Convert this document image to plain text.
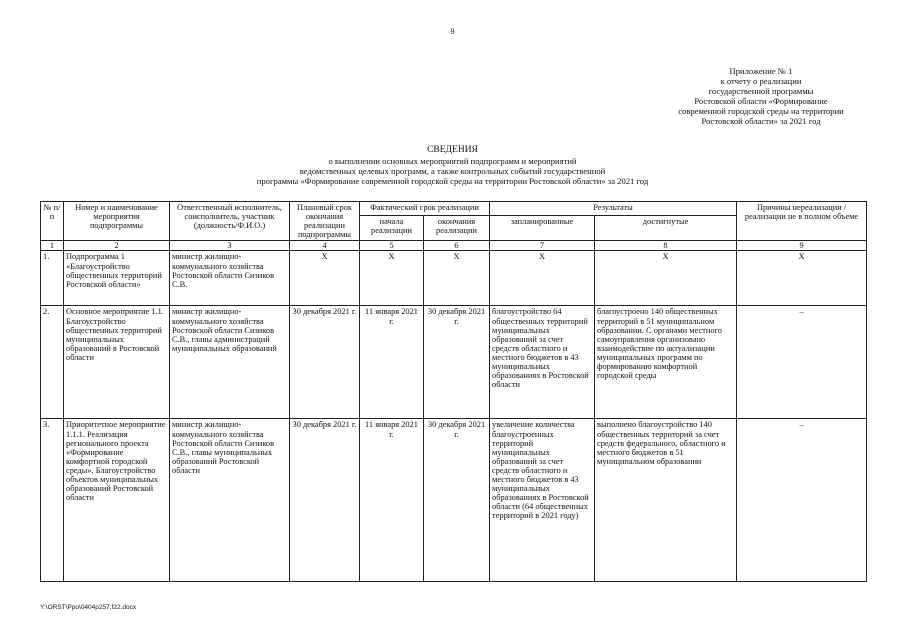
9
Приложение № 1
к отчету о реализации
государственной программы
Ростовской области «Формирование
современной городской среды на территории
Ростовской области» за 2021 год
СВЕДЕНИЯ
о выполнении основных мероприятий подпрограмм и мероприятий
ведомственных целевых программ, а также контрольных событий государственной
программы «Формирование современной городской среды на территории Ростовской области» за 2021 год
№ п/п	Номер и наименование мероприятия подпрограммы	Ответственный исполнитель, соисполнитель, участник (должность/Ф.И.О.)	Плановый срок окончания реализации подпрограммы	Фактический срок реализации		Результаты		Причины нереализации / реализации не в полном объеме
				начала реализации	окончания реализации	запланированные	достигнутые	
1	2	3	4	5	6	7	8	9
1.	Подпрограмма 1 «Благоустройство общественных территорий Ростовской области»	министр жилищно-коммунального хозяйства Ростовской области Сизиков С.В.	X	X	X	X	X	X
2.	Основное мероприятие 1.1. Благоустройство общественных территорий муниципальных образований в Ростовской области	министр жилищно-коммунального хозяйства Ростовской области Сизиков С.В., главы администраций муниципальных образований	30 декабря 2021 г.	11 января 2021 г.	30 декабря 2021 г.	благоустройство 64 общественных территорий муниципальных образований за счет средств областного и местного бюджетов в 43 муниципальных образованиях в Ростовской области	благоустроено 140 общественных территорий в 51 муниципальном образовании. С органами местного самоуправления организовано взаимодействие по актуализации муниципальных программ по формированию комфортной городской среды	–
3.	Приоритетное мероприятие 1.1.1. Реализация регионального проекта «Формирование комфортной городской среды». Благоустройство объектов муниципальных образований Ростовской области	министр жилищно-коммунального хозяйства Ростовской области Сизиков С.В., главы муниципальных образований Ростовской области	30 декабря 2021 г.	11 января 2021 г.	30 декабря 2021 г.	увеличение количества благоустроенных территорий муниципальных образований за счет средств областного и местного бюджетов в 43 муниципальных образованиях в Ростовской области (64 общественных территорий в 2021 году)	выполнено благоустройство 140 общественных территорий за счет средств федерального, областного и местного бюджетов в 51 муниципальном образовании	–
Y:\ORST\Ppo\0404p257.f22.docx
